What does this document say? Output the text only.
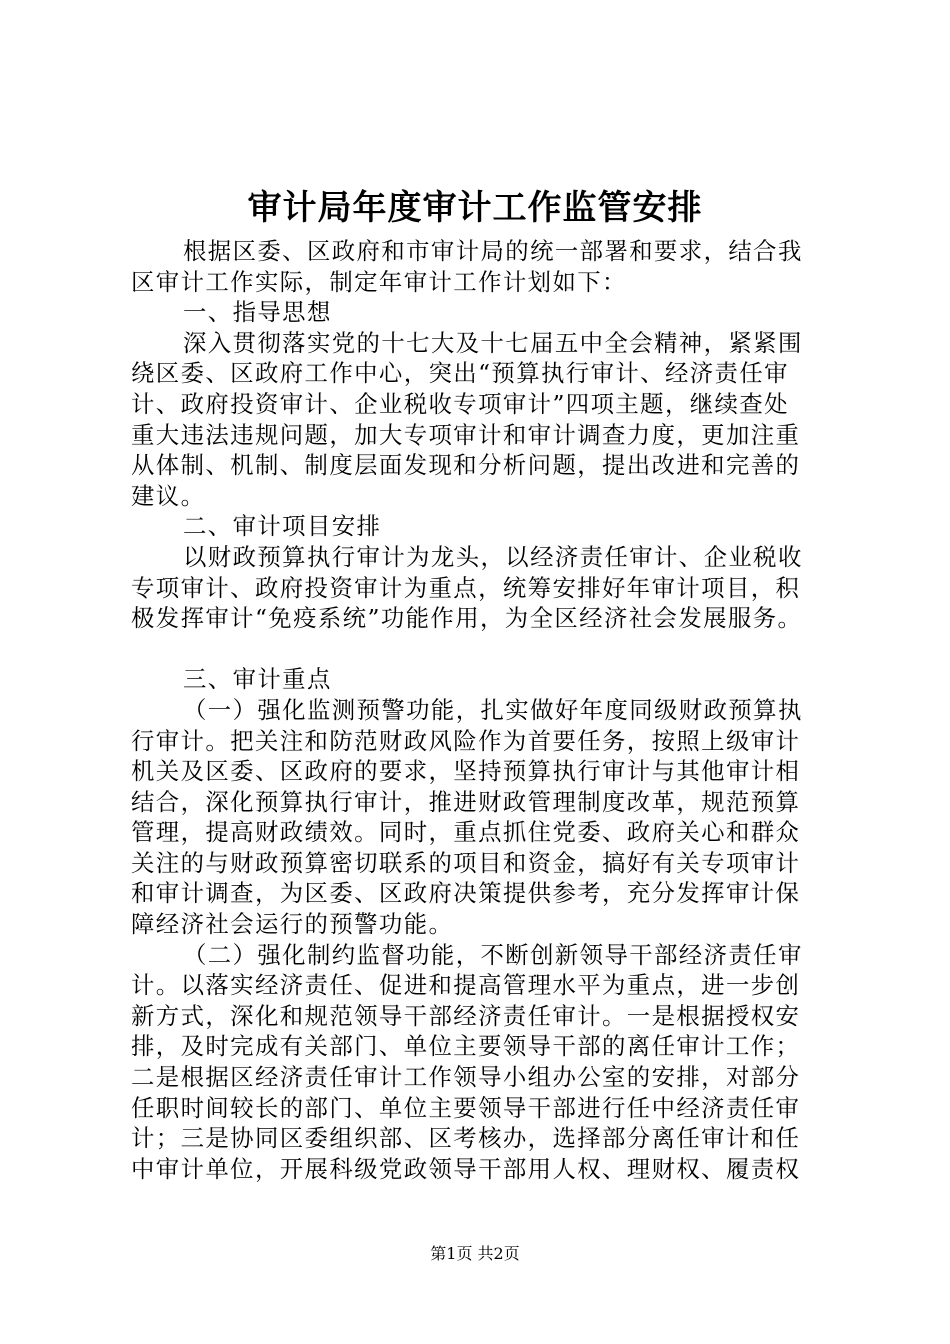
审计局年度审计工作监管安排
根据区委、区政府和市审计局的统一部署和要求，结合我
区审计工作实际，制定年审计工作计划如下：
一、指导思想
深入贯彻落实党的十七大及十七届五中全会精神，紧紧围
绕区委、区政府工作中心，突出“预算执行审计、经济责任审
计、政府投资审计、企业税收专项审计”四项主题，继续查处
重大违法违规问题，加大专项审计和审计调查力度，更加注重
从体制、机制、制度层面发现和分析问题，提出改进和完善的
建议。
二、审计项目安排
以财政预算执行审计为龙头，以经济责任审计、企业税收
专项审计、政府投资审计为重点，统筹安排好年审计项目，积
极发挥审计“免疫系统”功能作用，为全区经济社会发展服务。
三、审计重点
（一）强化监测预警功能，扎实做好年度同级财政预算执
行审计。把关注和防范财政风险作为首要任务，按照上级审计
机关及区委、区政府的要求，坚持预算执行审计与其他审计相
结合，深化预算执行审计，推进财政管理制度改革，规范预算
管理，提高财政绩效。同时，重点抓住党委、政府关心和群众
关注的与财政预算密切联系的项目和资金，搞好有关专项审计
和审计调查，为区委、区政府决策提供参考，充分发挥审计保
障经济社会运行的预警功能。
（二）强化制约监督功能，不断创新领导干部经济责任审
计。以落实经济责任、促进和提高管理水平为重点，进一步创
新方式，深化和规范领导干部经济责任审计。一是根据授权安
排，及时完成有关部门、单位主要领导干部的离任审计工作；
二是根据区经济责任审计工作领导小组办公室的安排，对部分
任职时间较长的部门、单位主要领导干部进行任中经济责任审
计；三是协同区委组织部、区考核办，选择部分离任审计和任
中审计单位，开展科级党政领导干部用人权、理财权、履责权
第1页 共2页
